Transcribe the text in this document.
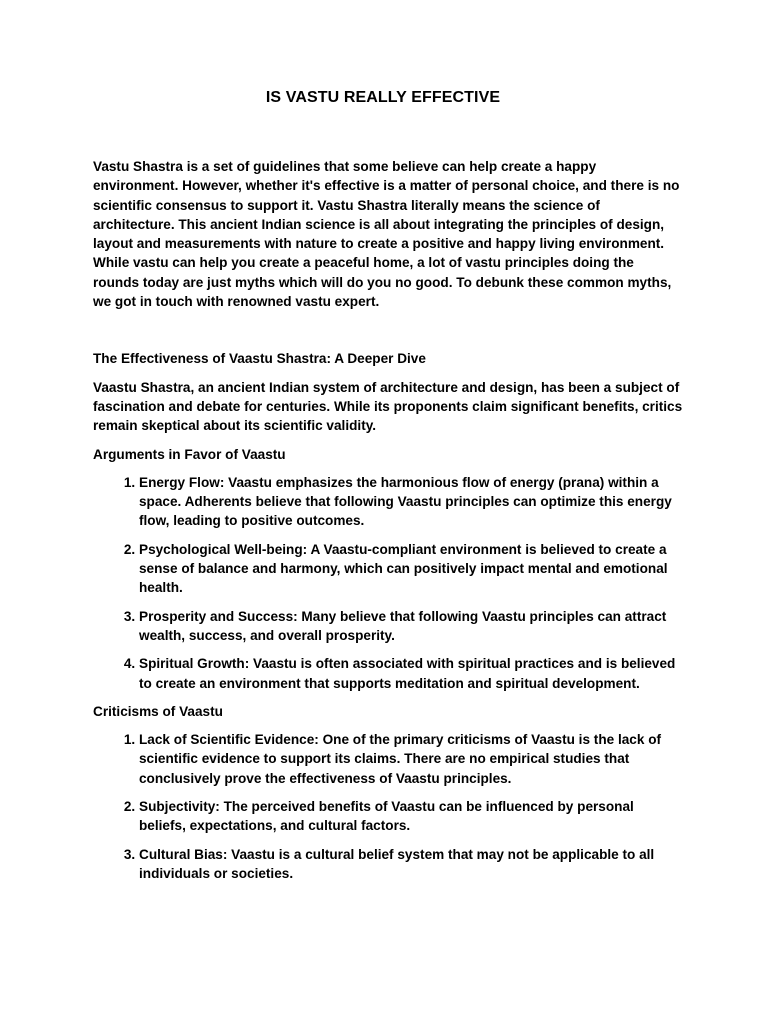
IS VASTU REALLY EFFECTIVE

Vastu Shastra is a set of guidelines that some believe can help create a happy environment. However, whether it's effective is a matter of personal choice, and there is no scientific consensus to support it. Vastu Shastra literally means the science of architecture. This ancient Indian science is all about integrating the principles of design, layout and measurements with nature to create a positive and happy living environment. While vastu can help you create a peaceful home, a lot of vastu principles doing the rounds today are just myths which will do you no good. To debunk these common myths, we got in touch with renowned vastu expert.

The Effectiveness of Vaastu Shastra: A Deeper Dive

Vaastu Shastra, an ancient Indian system of architecture and design, has been a subject of fascination and debate for centuries. While its proponents claim significant benefits, critics remain skeptical about its scientific validity.

Arguments in Favor of Vaastu

1. Energy Flow: Vaastu emphasizes the harmonious flow of energy (prana) within a space. Adherents believe that following Vaastu principles can optimize this energy flow, leading to positive outcomes.
2. Psychological Well-being: A Vaastu-compliant environment is believed to create a sense of balance and harmony, which can positively impact mental and emotional health.
3. Prosperity and Success: Many believe that following Vaastu principles can attract wealth, success, and overall prosperity.
4. Spiritual Growth: Vaastu is often associated with spiritual practices and is believed to create an environment that supports meditation and spiritual development.

Criticisms of Vaastu

1. Lack of Scientific Evidence: One of the primary criticisms of Vaastu is the lack of scientific evidence to support its claims. There are no empirical studies that conclusively prove the effectiveness of Vaastu principles.
2. Subjectivity: The perceived benefits of Vaastu can be influenced by personal beliefs, expectations, and cultural factors.
3. Cultural Bias: Vaastu is a cultural belief system that may not be applicable to all individuals or societies.
